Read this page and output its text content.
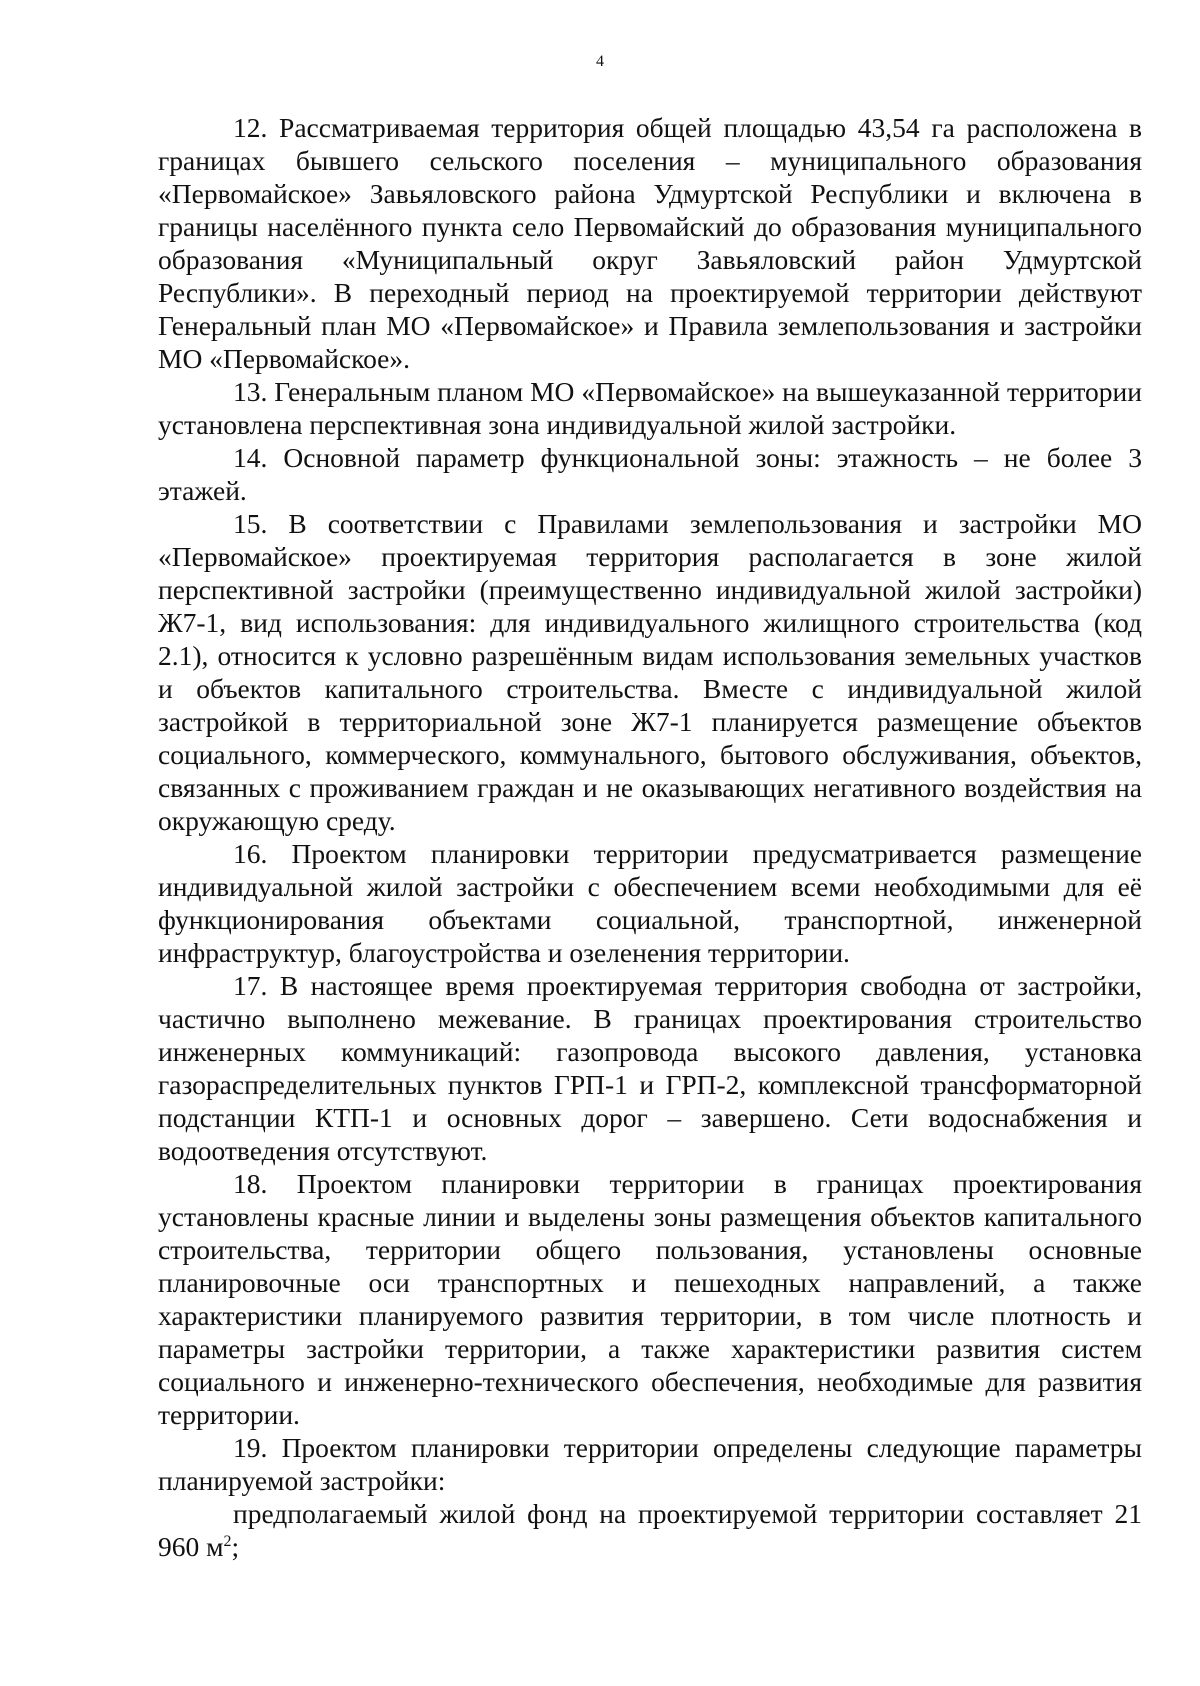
4

12. Рассматриваемая территория общей площадью 43,54 га расположена в границах бывшего сельского поселения – муниципального образования «Первомайское» Завьяловского района Удмуртской Республики и включена в границы населённого пункта село Первомайский до образования муниципального образования «Муниципальный округ Завьяловский район Удмуртской Республики». В переходный период на проектируемой территории действуют Генеральный план МО «Первомайское» и Правила землепользования и застройки МО «Первомайское».

13. Генеральным планом МО «Первомайское» на вышеуказанной территории установлена перспективная зона индивидуальной жилой застройки.

14. Основной параметр функциональной зоны: этажность – не более 3 этажей.

15. В соответствии с Правилами землепользования и застройки МО «Первомайское» проектируемая территория располагается в зоне жилой перспективной застройки (преимущественно индивидуальной жилой застройки) Ж7-1, вид использования: для индивидуального жилищного строительства (код 2.1), относится к условно разрешённым видам использования земельных участков и объектов капитального строительства. Вместе с индивидуальной жилой застройкой в территориальной зоне Ж7-1 планируется размещение объектов социального, коммерческого, коммунального, бытового обслуживания, объектов, связанных с проживанием граждан и не оказывающих негативного воздействия на окружающую среду.

16. Проектом планировки территории предусматривается размещение индивидуальной жилой застройки с обеспечением всеми необходимыми для её функционирования объектами социальной, транспортной, инженерной инфраструктур, благоустройства и озеленения территории.

17. В настоящее время проектируемая территория свободна от застройки, частично выполнено межевание. В границах проектирования строительство инженерных коммуникаций: газопровода высокого давления, установка газораспределительных пунктов ГРП-1 и ГРП-2, комплексной трансформаторной подстанции КТП-1 и основных дорог – завершено. Сети водоснабжения и водоотведения отсутствуют.

18. Проектом планировки территории в границах проектирования установлены красные линии и выделены зоны размещения объектов капитального строительства, территории общего пользования, установлены основные планировочные оси транспортных и пешеходных направлений, а также характеристики планируемого развития территории, в том числе плотность и параметры застройки территории, а также характеристики развития систем социального и инженерно-технического обеспечения, необходимые для развития территории.

19. Проектом планировки территории определены следующие параметры планируемой застройки:

предполагаемый жилой фонд на проектируемой территории составляет 21 960 $м^2$;
